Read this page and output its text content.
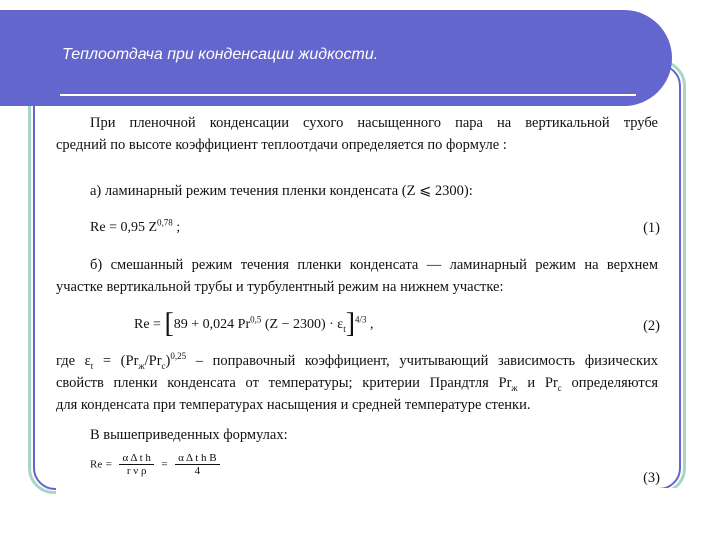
Теплоотдача при конденсации жидкости.
При пленочной конденсации сухого насыщенного пара на вертикальной трубе
средний по высоте коэффициент теплоотдачи определяется по формуле :
а) ламинарный режим течения пленки конденсата (Z ⩽ 2300):
Re = 0,95 Z$^{0,78}$ ;	(1)
б) смешанный режим течения пленки конденсата — ламинарный режим на верхнем
участке вертикальной трубы и турбулентный режим на нижнем участке:
Re = [89 + 0,024 Pr$^{0,5}$ $(Z - 2300) \cdot \varepsilon_t]^{4/3}$ ,	(2)
где $\varepsilon_t = (Pr_ж/Pr_с)^{0,25}$ – поправочный коэффициент, учитывающий зависимость физических
свойств пленки конденсата от температуры; критерии Прандтля $Pr_ж$ и $Pr_c$ определяются
для конденсата при температурах насыщения и средней температуре стенки.
В вышеприведенных формулах:
$Re = \frac{\text{α Δ t h}}{\text{r ν ρ}} = \frac{\text{α Δ t h B}}{4}$
(3)
